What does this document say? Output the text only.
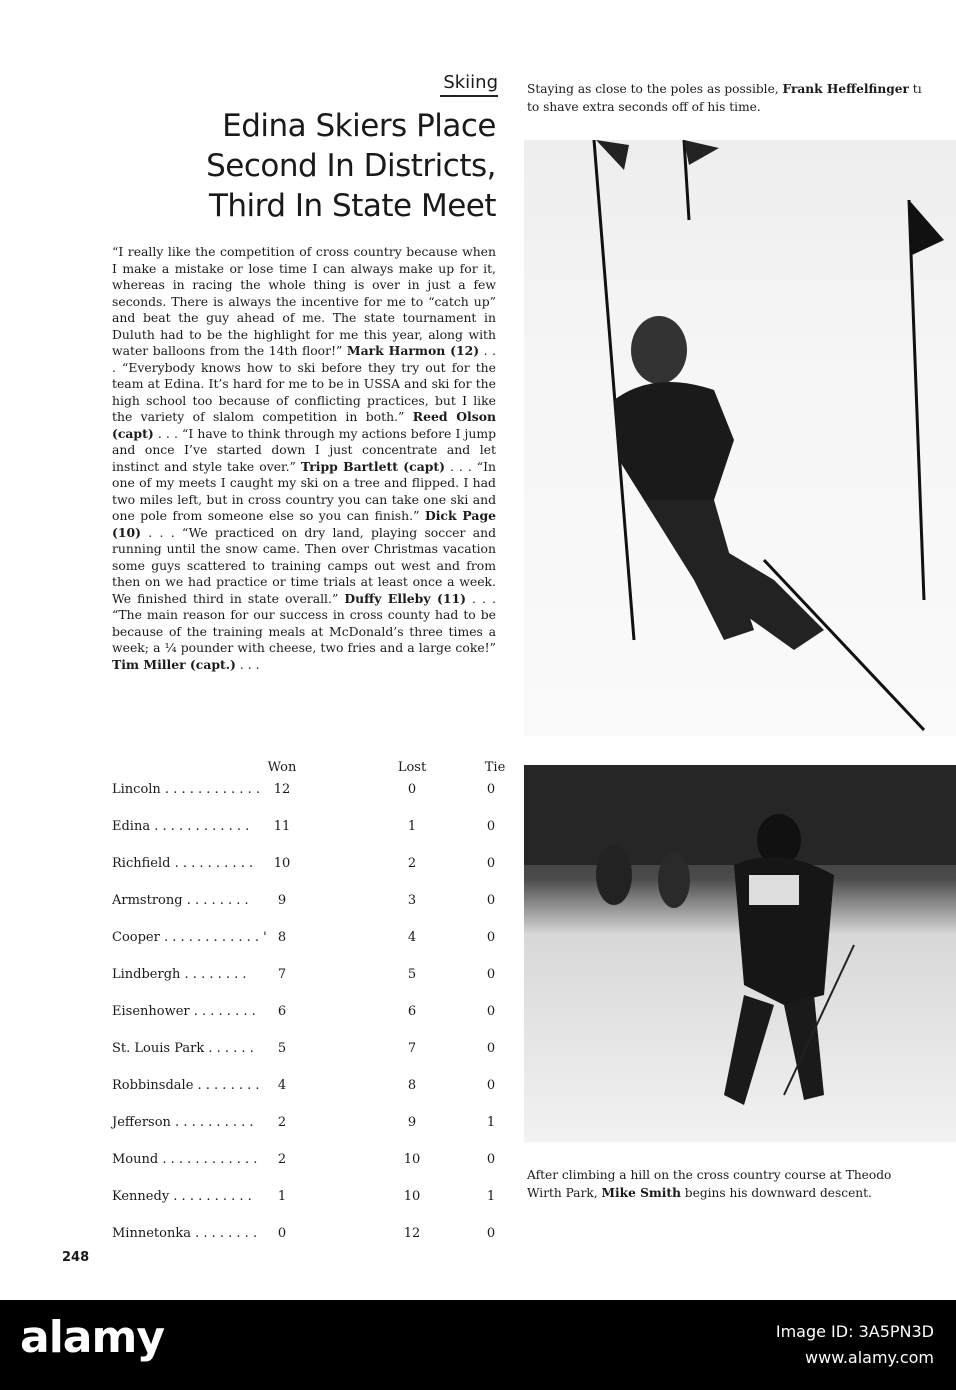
Skiing
Edina Skiers Place
Second In Districts,
Third In State Meet
“I really like the competition of cross country because when I make a mistake or lose time I can always make up for it, whereas in racing the whole thing is over in just a few seconds. There is always the incentive for me to “catch up” and beat the guy ahead of me. The state tournament in Duluth had to be the highlight for me this year, along with water balloons from the 14th floor!” Mark Harmon (12) . . . “Everybody knows how to ski before they try out for the team at Edina. It’s hard for me to be in USSA and ski for the high school too because of conflicting practices, but I like the variety of slalom competition in both.” Reed Olson (capt) . . . “I have to think through my actions before I jump and once I’ve started down I just concentrate and let instinct and style take over.” Tripp Bartlett (capt) . . . “In one of my meets I caught my ski on a tree and flipped. I had two miles left, but in cross country you can take one ski and one pole from someone else so you can finish.” Dick Page (10) . . . “We practiced on dry land, playing soccer and running until the snow came. Then over Christmas vacation some guys scattered to training camps out west and from then on we had practice or time trials at least once a week. We finished third in state overall.” Duffy Elleby (11) . . . “The main reason for our success in cross county had to be because of the training meals at McDonald’s three times a week; a ¼ pounder with cheese, two fries and a large coke!” Tim Miller (capt.) . . .
Won	Lost	Tie
Lincoln . . . . . . . . . . . . 12	0	0
Edina . . . . . . . . . . . . 11	1	0
Richfield . . . . . . . . . . 10	2	0
Armstrong . . . . . . . .	9	3	0
Cooper . . . . . . . . . . . . ' 8	4	0
Lindbergh . . . . . . . .	7	5	0
Eisenhower . . . . . . . .	6	6	0
St. Louis Park . . . . . .	5	7	0
Robbinsdale . . . . . . . .	4	8	0
Jefferson . . . . . . . . . .	2	9	1
Mound . . . . . . . . . . . .	2	10	0
Kennedy . . . . . . . . . .	1	10	1
Minnetonka . . . . . . . .	0	12	0
248
Staying as close to the poles as possible, Frank Heffelfinger tı
to shave extra seconds off of his time.
After climbing a hill on the cross country course at Theodo
Wirth Park, Mike Smith begins his downward descent.
alamy	Image ID: 3A5PN3D
www.alamy.com
